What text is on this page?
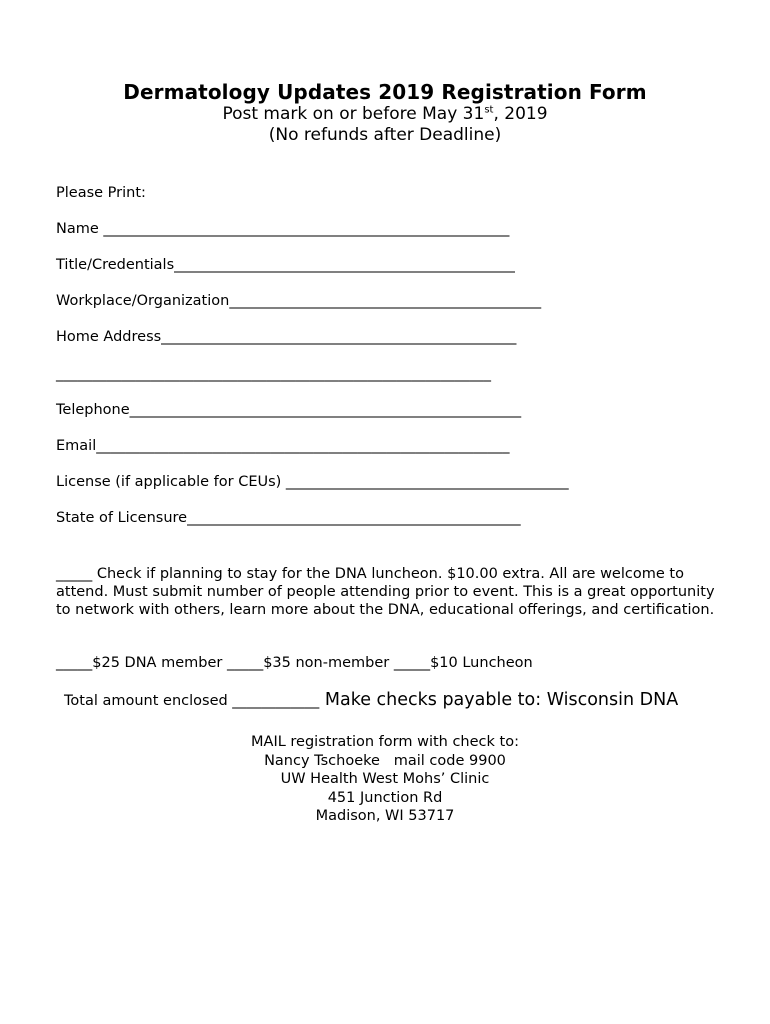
Dermatology Updates 2019 Registration Form
Post mark on or before May 31st, 2019
(No refunds after Deadline)
Please Print:
Name ________________________________________________________
Title/Credentials_______________________________________________
Workplace/Organization___________________________________________
Home Address_________________________________________________
____________________________________________________________
Telephone______________________________________________________
Email_________________________________________________________
License (if applicable for CEUs) _______________________________________
State of Licensure______________________________________________
_____ Check if planning to stay for the DNA luncheon. $10.00 extra. All are welcome to attend. Must submit number of people attending prior to event. This is a great opportunity to network with others, learn more about the DNA, educational offerings, and certification.
_____$25 DNA member _____$35 non-member _____$10 Luncheon
Total amount enclosed ____________ Make checks payable to: Wisconsin DNA
MAIL registration form with check to:
Nancy Tschoeke   mail code 9900
UW Health West Mohs’ Clinic
451 Junction Rd
Madison, WI 53717
